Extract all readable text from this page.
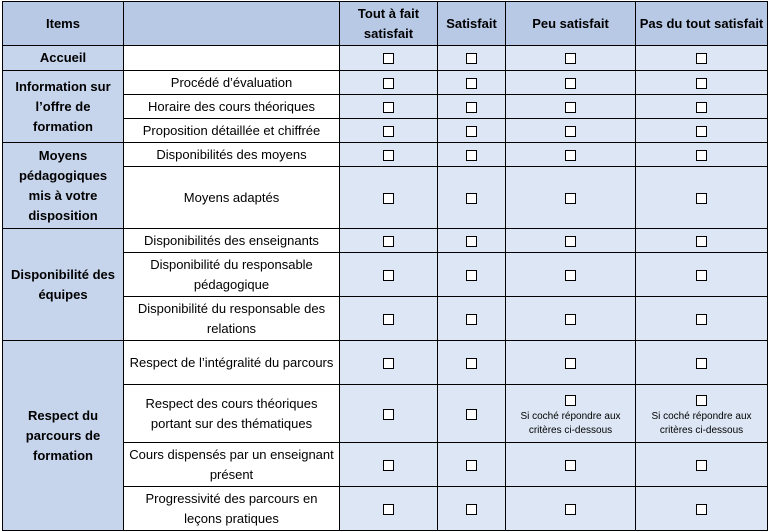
Items		Tout à fait satisfait	Satisfait	Peu satisfait	Pas du tout satisfait
Accueil					
Information sur l’offre de formation	Procédé d’évaluation				
	Horaire des cours théoriques				
	Proposition détaillée et chiffrée				
Moyens pédagogiques mis à votre disposition	Disponibilités des moyens				
	Moyens adaptés				
Disponibilité des équipes	Disponibilités des enseignants				
	Disponibilité du responsable pédagogique				
	Disponibilité du responsable des relations				
Respect du parcours de formation	Respect de l’intégralité du parcours				
	Respect des cours théoriques portant sur des thématiques			Si coché répondre aux critères ci-dessous	Si coché répondre aux critères ci-dessous

	Cours dispensés par un enseignant présent				
	Progressivité des parcours en leçons pratiques				
